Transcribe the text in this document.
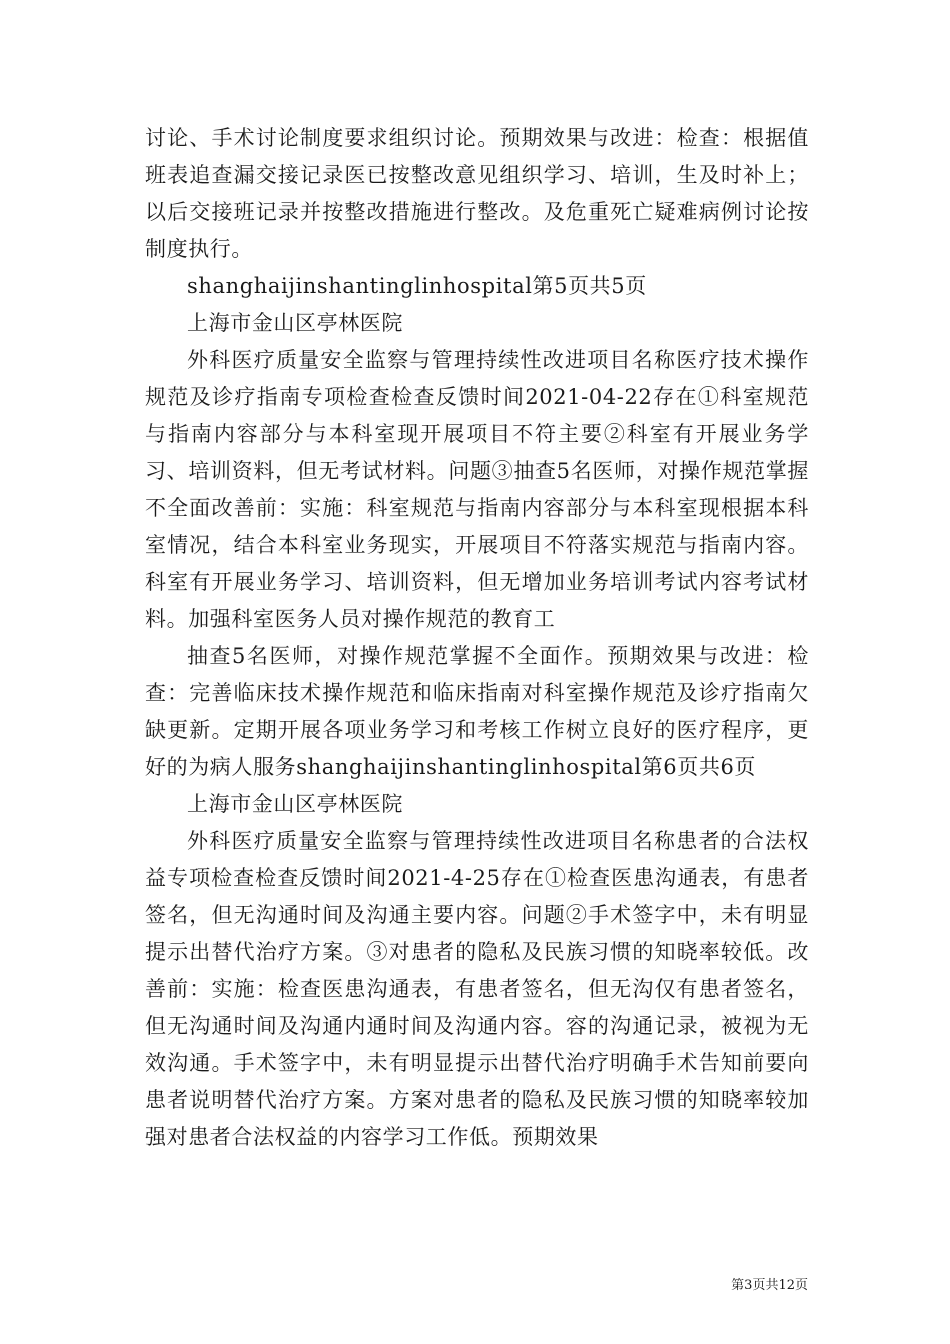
讨论、手术讨论制度要求组织讨论。预期效果与改进：检查：根据值班表追查漏交接记录医已按整改意见组织学习、培训，生及时补上；以后交接班记录并按整改措施进行整改。及危重死亡疑难病例讨论按制度执行。

shanghaijinshantinglinhospital第5页共5页

上海市金山区亭林医院

外科医疗质量安全监察与管理持续性改进项目名称医疗技术操作规范及诊疗指南专项检查检查反馈时间2021-04-22存在①科室规范与指南内容部分与本科室现开展项目不符主要②科室有开展业务学习、培训资料，但无考试材料。问题③抽查5名医师，对操作规范掌握不全面改善前：实施：科室规范与指南内容部分与本科室现根据本科室情况，结合本科室业务现实，开展项目不符落实规范与指南内容。科室有开展业务学习、培训资料，但无增加业务培训考试内容考试材料。加强科室医务人员对操作规范的教育工

抽查5名医师，对操作规范掌握不全面作。预期效果与改进：检查：完善临床技术操作规范和临床指南对科室操作规范及诊疗指南欠缺更新。定期开展各项业务学习和考核工作树立良好的医疗程序，更好的为病人服务shanghaijinshantinglinhospital第6页共6页

上海市金山区亭林医院

外科医疗质量安全监察与管理持续性改进项目名称患者的合法权益专项检查检查反馈时间2021-4-25存在①检查医患沟通表，有患者签名，但无沟通时间及沟通主要内容。问题②手术签字中，未有明显提示出替代治疗方案。③对患者的隐私及民族习惯的知晓率较低。改善前：实施：检查医患沟通表，有患者签名，但无沟仅有患者签名，但无沟通时间及沟通内通时间及沟通内容。容的沟通记录，被视为无效沟通。手术签字中，未有明显提示出替代治疗明确手术告知前要向患者说明替代治疗方案。方案对患者的隐私及民族习惯的知晓率较加强对患者合法权益的内容学习工作低。预期效果

第3页共12页
